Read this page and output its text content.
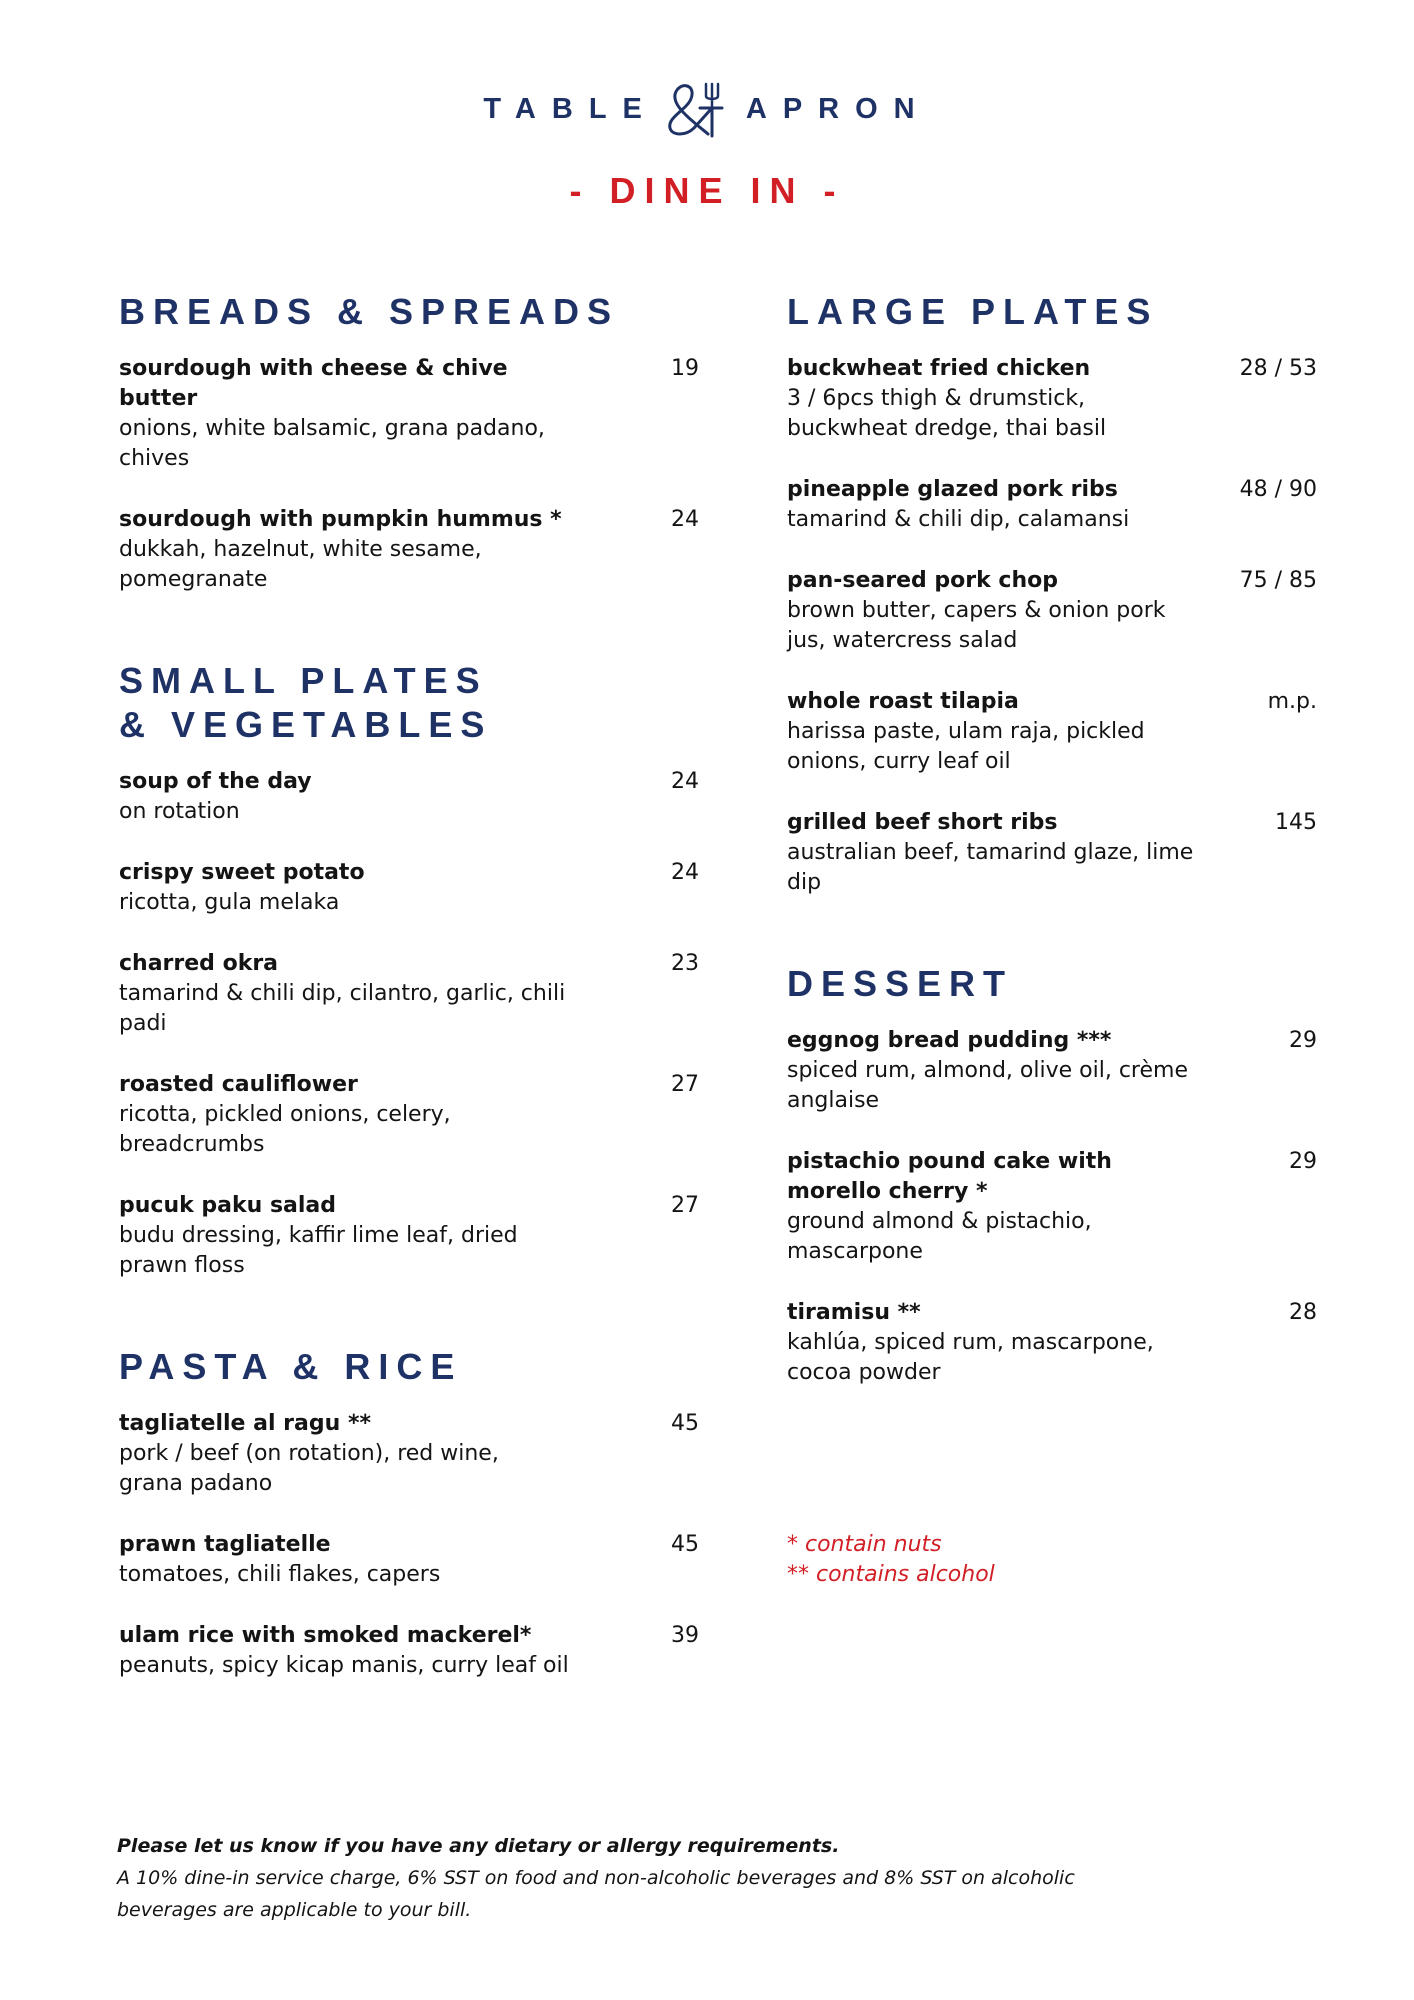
TABLE	APRON
- DINE IN -
BREADS & SPREADS
sourdough with cheese & chive butter
onions, white balsamic, grana padano, chives
19
sourdough with pumpkin hummus *
dukkah, hazelnut, white sesame, pomegranate
24
SMALL PLATES
& VEGETABLES
soup of the day
on rotation
24
crispy sweet potato
ricotta, gula melaka
24
charred okra
tamarind & chili dip, cilantro, garlic, chili padi
23
roasted cauliflower
ricotta, pickled onions, celery, breadcrumbs
27
pucuk paku salad
budu dressing, kaffir lime leaf, dried prawn floss
27
PASTA & RICE
tagliatelle al ragu **
pork / beef (on rotation), red wine, grana padano
45
prawn tagliatelle
tomatoes, chili flakes, capers
45
ulam rice with smoked mackerel*
peanuts, spicy kicap manis, curry leaf oil
39
LARGE PLATES
buckwheat fried chicken
3 / 6pcs thigh & drumstick, buckwheat dredge, thai basil
28 / 53
pineapple glazed pork ribs
tamarind & chili dip, calamansi
48 / 90
pan-seared pork chop
brown butter, capers & onion pork jus, watercress salad
75 / 85
whole roast tilapia
harissa paste, ulam raja, pickled onions, curry leaf oil
m.p.
grilled beef short ribs
australian beef, tamarind glaze, lime dip
145
DESSERT
eggnog bread pudding ***
spiced rum, almond, olive oil, crème anglaise
29
pistachio pound cake with morello cherry *
ground almond & pistachio, mascarpone
29
tiramisu **
kahlúa, spiced rum, mascarpone, cocoa powder
28
* contain nuts
** contains alcohol
Please let us know if you have any dietary or allergy requirements.
A 10% dine-in service charge, 6% SST on food and non-alcoholic beverages and 8% SST on alcoholic
beverages are applicable to your bill.
